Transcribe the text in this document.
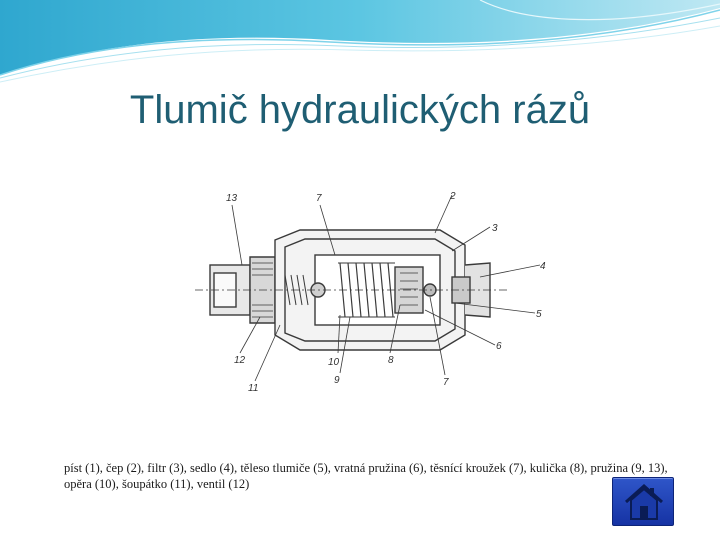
Tlumič hydraulických rázů
13	7	2
3
4
5
6
7
8
10
9
11
12
píst (1), čep (2), filtr (3), sedlo (4), těleso tlumiče (5), vratná pružina (6), těsnící kroužek (7), kulička (8), pružina (9, 13), opěra (10), šoupátko (11), ventil (12)
